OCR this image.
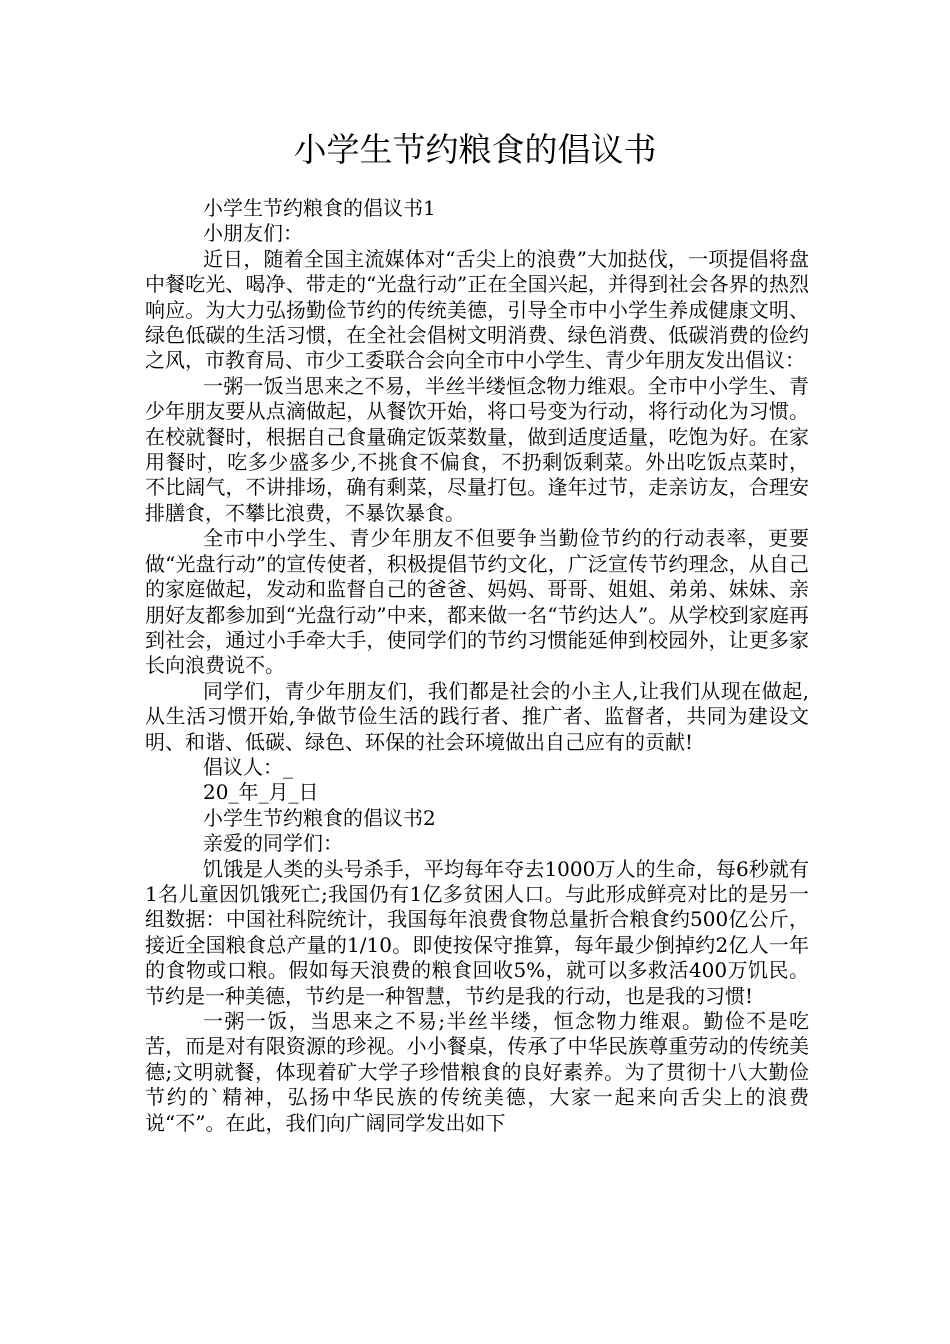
小学生节约粮食的倡议书

小学生节约粮食的倡议书1

小朋友们：

近日，随着全国主流媒体对“舌尖上的浪费”大加挞伐，一项提倡将盘中餐吃光、喝净、带走的“光盘行动”正在全国兴起，并得到社会各界的热烈响应。为大力弘扬勤俭节约的传统美德，引导全市中小学生养成健康文明、绿色低碳的生活习惯，在全社会倡树文明消费、绿色消费、低碳消费的俭约之风，市教育局、市少工委联合会向全市中小学生、青少年朋友发出倡议：

一粥一饭当思来之不易，半丝半缕恒念物力维艰。全市中小学生、青少年朋友要从点滴做起，从餐饮开始，将口号变为行动，将行动化为习惯。在校就餐时，根据自己食量确定饭菜数量，做到适度适量，吃饱为好。在家用餐时，吃多少盛多少,不挑食不偏食，不扔剩饭剩菜。外出吃饭点菜时，不比阔气，不讲排场，确有剩菜，尽量打包。逢年过节，走亲访友，合理安排膳食，不攀比浪费，不暴饮暴食。

全市中小学生、青少年朋友不但要争当勤俭节约的行动表率，更要做“光盘行动”的宣传使者，积极提倡节约文化，广泛宣传节约理念，从自己的家庭做起，发动和监督自己的爸爸、妈妈、哥哥、姐姐、弟弟、妹妹、亲朋好友都参加到“光盘行动”中来，都来做一名“节约达人”。从学校到家庭再到社会，通过小手牵大手，使同学们的节约习惯能延伸到校园外，让更多家长向浪费说不。

同学们，青少年朋友们，我们都是社会的小主人,让我们从现在做起,从生活习惯开始,争做节俭生活的践行者、推广者、监督者，共同为建设文明、和谐、低碳、绿色、环保的社会环境做出自己应有的贡献!

倡议人：_

20_年_月_日

小学生节约粮食的倡议书2

亲爱的同学们：

饥饿是人类的头号杀手，平均每年夺去1000万人的生命，每6秒就有1名儿童因饥饿死亡;我国仍有1亿多贫困人口。与此形成鲜亮对比的是另一组数据：中国社科院统计，我国每年浪费食物总量折合粮食约500亿公斤，接近全国粮食总产量的1/10。即使按保守推算，每年最少倒掉约2亿人一年的食物或口粮。假如每天浪费的粮食回收5%，就可以多救活400万饥民。节约是一种美德，节约是一种智慧，节约是我的行动，也是我的习惯!

一粥一饭，当思来之不易;半丝半缕，恒念物力维艰。勤俭不是吃苦，而是对有限资源的珍视。小小餐桌，传承了中华民族尊重劳动的传统美德;文明就餐，体现着矿大学子珍惜粮食的良好素养。为了贯彻十八大勤俭节约的`精神，弘扬中华民族的传统美德，大家一起来向舌尖上的浪费说“不”。在此，我们向广阔同学发出如下
